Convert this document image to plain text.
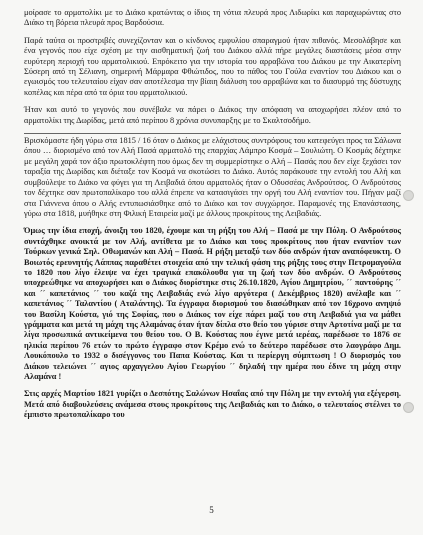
μοίρασε το αρματολίκι με το Διάκο κρατώντας ο ίδιος τη νότια πλευρά προς Λιδωρίκι και παραχωρώντας στο Διάκο τη βόρεια πλευρά προς Βαρδούσια.

Παρά ταύτα οι προστριβές συνεχίζονταν και ο κίνδυνος εμφυλίου σπαραγμού ήταν πιθανός. Μεσολάβησε και ένα γεγονός που είχε σχέση με την αισθηματική ζωή του Διάκου αλλά πήρε μεγάλες διαστάσεις μέσα στην ευρύτερη περιοχή του αρματολικιού. Επρόκειτο για την ιστορία του αρραβώνα του Διάκου με την Αικατερίνη Σύσερη από τη Σέλιανη, σημερινή Μάρμαρα Φθιώτιδος, που το πάθος του Γούλα εναντίον του Διάκου και ο εγωισμός του τελευταίου είχαν σαν αποτέλεσμα την βίαιη διάλυση του αρραβώνα και το διασυρμό της δύστυχης κοπέλας και πέρα από τα όρια του αρματολικιού.

Ήταν και αυτό το γεγονός που συνέβαλε να πάρει ο Διάκος την απόφαση να αποχωρήσει πλέον από το αρματολίκι της Δωρίδας, μετά από περίπου 8 χρόνια συνυπαρξης με το Σκαλτσοδήμο.

Βρισκόμαστε ήδη γύρω στα 1815 / 16 όταν ο Διάκος με ελάχιστους συντρόφους του κατεφεύγει προς τα Σάλωνα όπου … διορισμένο από τον Αλή Πασά αρματολό της επαρχίας Λάμπρο Κοσμά – Σουλιώτη. Ο Κοσμάς δέχτηκε με μεγάλη χαρά τον άξιο πρωτοκλέφτη που όμως δεν τη συμμερίστηκε ο Αλή – Πασάς που δεν είχε ξεχάσει τον ταραξία της Δωρίδας και διέταξε τον Κοσμά να σκοτώσει το Διάκο. Αυτός παράκουσε την εντολή του Αλή και συμβούλεψε το Διάκο να φύγει για τη Λειβαδιά όπου αρματολός ήταν ο Οδυσσέας Ανδρούτσος. Ο Ανδρούτσος τον δέχτηκε σαν πρωτοπαλίκαρο του αλλά έπρεπε να κατασιγάσει την οργή του Αλή εναντίον του. Πήγαν μαζί στα Γιάννενα όπου ο Αλής εντυπωσιάσθηκε από το Διάκο και τον συγχώρησε. Παραμονές της Επανάστασης, γύρω στα 1818, μυήθηκε στη Φιλική Εταιρεία μαζί με άλλους προκρίτους της Λειβαδιάς.

Όμως την ίδια εποχή, άνοιξη του 1820, έχουμε και τη ρήξη του Αλή – Πασά με την Πόλη. Ο Ανδρούτσος συντάχθηκε ανοικτά με τον Αλή, αντίθετα με το Διάκο και τους προκρίτους που ήταν εναντίον των Τούρκων γενικά Σηλ. Οθωμανών και Αλή – Πασά. Η ρήξη μεταξύ των δύο ανδρών ήταν αναπόφευκτη. Ο Βοιωτός ερευνητής Λάππας παραθέτει στοιχεία από την τελική φάση της ρήξης τους στην Πετρομαγούλα το 1820 που λίγο έλειψε να έχει τραγικά επακόλουθα για τη ζωή των δύο ανδρών. Ο Ανδρούτσος υποχρεώθηκε να αποχωρήσει και ο Διάκος διορίστηκε στις 26.10.1820, Αγίου Δημητρίου, ´´ παντούρης ´´ και ´´ καπετάνιος ´´ του καζά της Λειβαδιάς ενώ λίγο αργότερα ( Δεκέμβριος 1820) ανέλαβε και ´´ καπετάνιος ´´ Ταλαντίου ( Αταλάντης). Τα έγγραφα διορισμού του διασώθηκαν από τον 16χρονο ανηψιό του Βασίλη Κούστα, γιό της Σοφίας, που ο Διάκος τον είχε πάρει μαζί του στη Λειβαδιά για να μάθει γράμματα και μετά τη μάχη της Αλαμάνας όταν ήταν δίπλα στο θείο του γύρισε στην Αρτοτίνα μαζί με τα λίγα προσωπικά αντικείμενα του θείου του. Ο Β. Κούστας που έγινε μετά ιερέας, παρέδωσε το 1876 σε ηλικία περίπου 76 ετών το πρώτο έγγραφο στον Κρέμο ενώ το δεύτερο παρέδωσε στο λαογράφο Δημ. Λουκόπουλο το 1932 ο δισέγγονος του Παπα Κούστας. Και τι περίεργη σύμπτωση ! Ο διορισμός του Διάκου τελειώνει ´´ αγιος αρχαγγελου Αγίου Γεωργίου ´´ δηλαδή την ημέρα που έδινε τη μάχη στην Αλαμάνα !

Στις αρχές Μαρτίου 1821 γυρίζει ο Δεσπότης Σαλώνων Ησαΐας από την Πόλη με την εντολή για εξέγερση. Μετά από διαβουλεύσεις ανάμεσα στους προκρίτους της Λειβαδιάς και το Διάκο, ο τελευταίος στέλνει το έμπιστο πρωτοπαλίκαρο του

5
